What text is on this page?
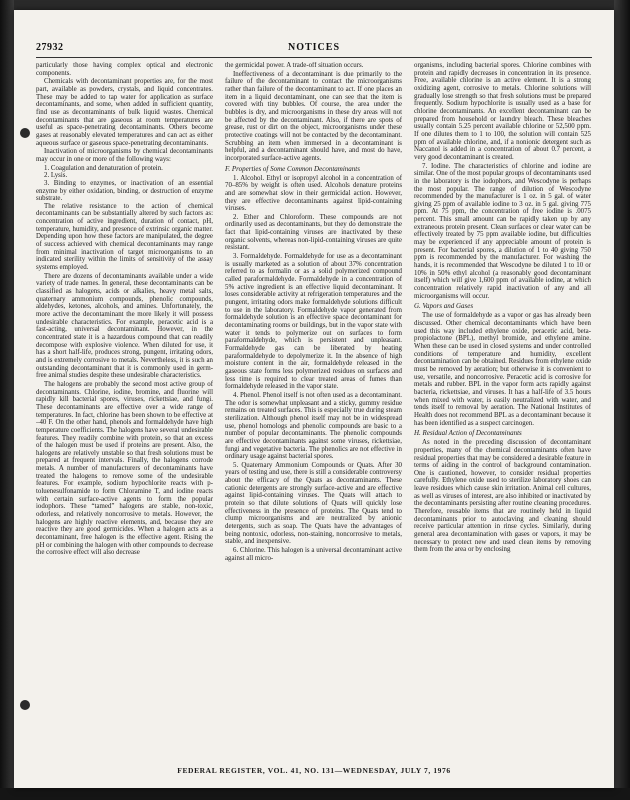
27932	NOTICES

particularly those having complex optical and electronic components.

Chemicals with decontaminant properties are, for the most part, available as powders, crystals, and liquid concentrates. These may be added to tap water for application as surface decontaminants, and some, when added in sufficient quantity, find use as decontaminants of bulk liquid wastes. Chemical decontaminants that are gaseous at room temperatures are useful as space-penetrating decontaminants. Others become gases at reasonably elevated temperatures and can act as either aqueous surface or gaseous space-penetrating decontaminants.

Inactivation of microorganisms by chemical decontaminants may occur in one or more of the following ways:

1. Coagulation and denaturation of protein.
2. Lysis.
3. Binding to enzymes, or inactivation of an essential enzyme by either oxidation, binding, or destruction of enzyme substrate.

The relative resistance to the action of chemical decontaminants can be substantially altered by such factors as: concentration of active ingredient, duration of contact, pH, temperature, humidity, and presence of extrinsic organic matter. Depending upon how these factors are manipulated, the degree of success achieved with chemical decontaminants may range from minimal inactivation of target microorganisms to an indicated sterility within the limits of sensitivity of the assay systems employed.

There are dozens of decontaminants available under a wide variety of trade names. In general, these decontaminants can be classified as halogens, acids or alkalies, heavy metal salts, quaternary ammonium compounds, phenolic compounds, aldehydes, ketones, alcohols, and amines. Unfortunately, the more active the decontaminant the more likely it will possess undesirable characteristics. For example, peracetic acid is a fast-acting, universal decontaminant. However, in the concentrated state it is a hazardous compound that can readily decompose with explosive violence. When diluted for use, it has a short half-life, produces strong, pungent, irritating odors, and is extremely corrosive to metals. Nevertheless, it is such an outstanding decontaminant that it is commonly used in germ-free animal studies despite these undesirable characteristics.

The halogens are probably the second most active group of decontaminants. Chlorine, iodine, bromine, and fluorine will rapidly kill bacterial spores, viruses, rickettsiae, and fungi. These decontaminants are effective over a wide range of temperatures. In fact, chlorine has been shown to be effective at –40 F. On the other hand, phenols and formaldehyde have high temperature coefficients. The halogens have several undesirable features. They readily combine with protein, so that an excess of the halogen must be used if proteins are present. Also, the halogens are relatively unstable so that fresh solutions must be prepared at frequent intervals. Finally, the halogens corrode metals. A number of manufacturers of decontaminants have treated the halogens to remove some of the undesirable features. For example, sodium hypochlorite reacts with p-toluenesulfonamide to form Chloramine T, and iodine reacts with certain surface-active agents to form the popular iodophors. These “tamed” halogens are stable, non-toxic, odorless, and relatively noncorrosive to metals. However, the halogens are highly reactive elements, and, because they are reactive they are good germicides. When a halogen acts as a decontaminant, free halogen is the effective agent. Rising the pH or combining the halogen with other compounds to decrease the corrosive effect will also decrease

the germicidal power. A trade-off situation occurs.

Ineffectiveness of a decontaminant is due primarily to the failure of the decontaminant to contact the microorganisms rather than failure of the decontaminant to act. If one places an item in a liquid decontaminant, one can see that the item is covered with tiny bubbles. Of course, the area under the bubbles is dry, and microorganisms in these dry areas will not be affected by the decontaminant. Also, if there are spots of grease, rust or dirt on the object, microorganisms under these protective coatings will not be contacted by the decontaminant. Scrubbing an item when immersed in a decontaminant is helpful, and a decontaminant should have, and most do have, incorporated surface-active agents.

F. Properties of Some Common Decontaminants

1. Alcohol. Ethyl or isopropyl alcohol in a concentration of 70–85% by weight is often used. Alcohols denature proteins and are somewhat slow in their germicidal action. However, they are effective decontaminants against lipid-containing viruses.

2. Ether and Chloroform. These compounds are not ordinarily used as decontaminants, but they do demonstrate the fact that lipid-containing viruses are inactivated by these organic solvents, whereas non-lipid-containing viruses are quite resistant.

3. Formaldehyde. Formaldehyde for use as a decontaminant is usually marketed as a solution of about 37% concentration referred to as formalin or as a solid polymerized compound called paraformaldehyde. Formaldehyde in a concentration of 5% active ingredient is an effective liquid decontaminant. It loses considerable activity at refrigeration temperatures and the pungent, irritating odors make formaldehyde solutions difficult to use in the laboratory. Formaldehyde vapor generated from formaldehyde solution is an effective space decontaminant for decontaminating rooms or buildings, but in the vapor state with water it tends to polymerize out on surfaces to form paraformaldehyde, which is persistent and unpleasant. Formaldehyde gas can be liberated by heating paraformaldehyde to depolymerize it. In the absence of high moisture content in the air, formaldehyde released in the gaseous state forms less polymerized residues on surfaces and less time is required to clear treated areas of fumes than formaldehyde released in the vapor state.

4. Phenol. Phenol itself is not often used as a decontaminant. The odor is somewhat unpleasant and a sticky, gummy residue remains on treated surfaces. This is especially true during steam sterilization. Although phenol itself may not be in widespread use, phenol homologs and phenolic compounds are basic to a number of popular decontaminants. The phenolic compounds are effective decontaminants against some viruses, rickettsiae, fungi and vegetative bacteria. The phenolics are not effective in ordinary usage against bacterial spores.

5. Quaternary Ammonium Compounds or Quats. After 30 years of testing and use, there is still a considerable controversy about the efficacy of the Quats as decontaminants. These cationic detergents are strongly surface-active and are effective against lipid-containing viruses. The Quats will attach to protein so that dilute solutions of Quats will quickly lose effectiveness in the presence of proteins. The Quats tend to clump microorganisms and are neutralized by anionic detergents, such as soap. The Quats have the advantages of being nontoxic, odorless, non-staining, noncorrosive to metals, stable, and inexpensive.

6. Chlorine. This halogen is a universal decontaminant active against all micro-

organisms, including bacterial spores. Chlorine combines with protein and rapidly decreases in concentration in its presence. Free, available chlorine is an active element. It is a strong oxidizing agent, corrosive to metals. Chlorine solutions will gradually lose strength so that fresh solutions must be prepared frequently. Sodium hypochlorite is usually used as a base for chlorine decontaminants. An excellent decontaminant can be prepared from household or laundry bleach. These bleaches usually contain 5.25 percent available chlorine or 52,500 ppm. If one dilutes them to 1 to 100, the solution will contain 525 ppm of available chlorine, and, if a nonionic detergent such as Naccanol is added in a concentration of about 0.7 percent, a very good decontaminant is created.

7. Iodine. The characteristics of chlorine and iodine are similar. One of the most popular groups of decontaminants used in the laboratory is the iodophors, and Wescodyne is perhaps the most popular. The range of dilution of Wescodyne recommended by the manufacturer is 1 oz. in 5 gal. of water giving 25 ppm of available iodine to 3 oz. in 5 gal. giving 775 ppm. At 75 ppm, the concentration of free iodine is .0075 percent. This small amount can be rapidly taken up by any extraneous protein present. Clean surfaces or clear water can be effectively treated by 75 ppm available iodine, but difficulties may be experienced if any appreciable amount of protein is present. For bacterial spores, a dilution of 1 to 40 giving 750 ppm is recommended by the manufacturer. For washing the hands, it is recommended that Wescodyne be diluted 1 to 10 or 10% in 50% ethyl alcohol (a reasonably good decontaminant itself) which will give 1,600 ppm of available iodine, at which concentration relatively rapid inactivation of any and all microorganisms will occur.

G. Vapors and Gases

The use of formaldehyde as a vapor or gas has already been discussed. Other chemical decontaminants which have been used this way included ethylene oxide, peracetic acid, beta-propiolactone (BPL), methyl bromide, and ethylene amine. When these can be used in closed systems and under controlled conditions of temperature and humidity, excellent decontamination can be obtained. Residues from ethylene oxide must be removed by aeration; but otherwise it is convenient to use, versatile, and noncorrosive. Peracetic acid is corrosive for metals and rubber. BPL in the vapor form acts rapidly against bacteria, rickettsiae, and viruses. It has a half-life of 3.5 hours when mixed with water, is easily neutralized with water, and tends itself to removal by aeration. The National Institutes of Health does not recommend BPL as a decontaminant because it has been identified as a suspect carcinogen.

H. Residual Action of Decontaminants

As noted in the preceding discussion of decontaminant properties, many of the chemical decontaminants often have residual properties that may be considered a desirable feature in terms of aiding in the control of background contamination. One is cautioned, however, to consider residual properties carefully. Ethylene oxide used to sterilize laboratory shoes can leave residues which cause skin irritation. Animal cell cultures, as well as viruses of interest, are also inhibited or inactivated by the decontaminants persisting after routine cleaning procedures. Therefore, reusable items that are routinely held in liquid decontaminants prior to autoclaving and cleaning should receive particular attention in rinse cycles. Similarly, during general area decontamination with gases or vapors, it may be necessary to protect new and used clean items by removing them from the area or by enclosing

FEDERAL REGISTER, VOL. 41, NO. 131—WEDNESDAY, JULY 7, 1976
